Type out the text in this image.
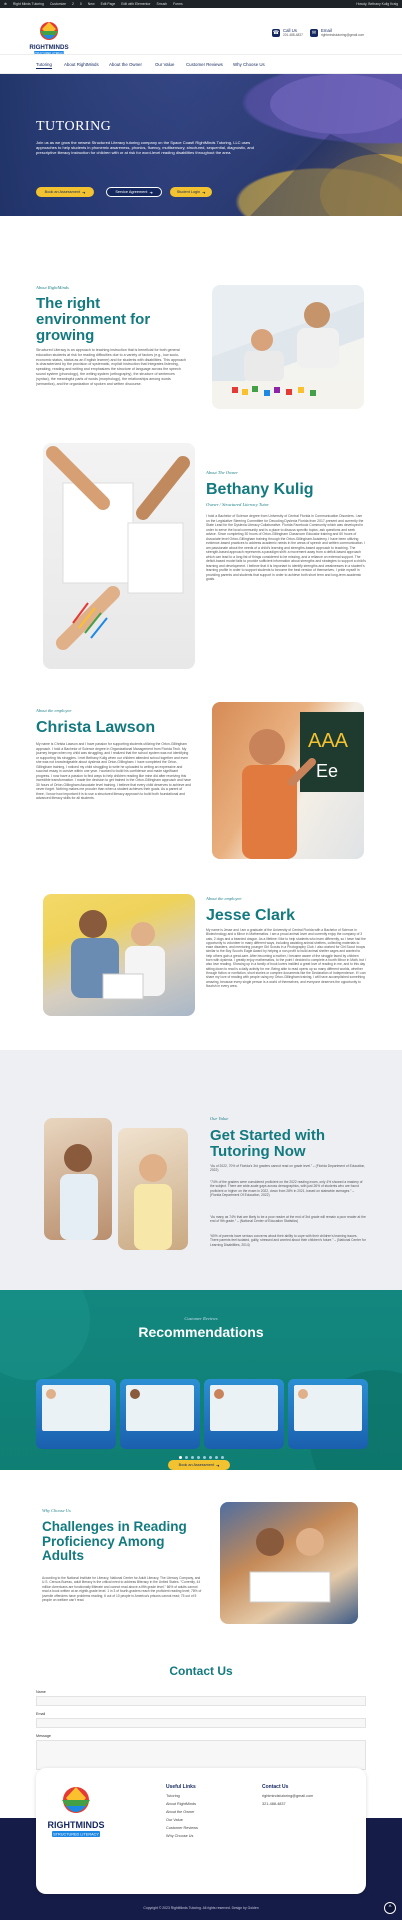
⊕ Right Minds Tutoring Customize 2 0 New Edit Page Edit with Elementor Smush Forms	Howdy, Bethany Kulig Kraig
RIGHTMINDS
☎ Call Us
201-488-4837	✉	Email
rightmindstutoring@gmail.com
Tutoring	About RightMinds About the Owner	Our Value	Customer Reviews Why Choose Us
TUTORING
Join us as we grow the newest Structured Literacy tutoring company on the Space Coast! RightMinds Tutoring, LLC uses approaches to help students in phonemic awareness, phonics, fluency, multisensory, structured, sequential, diagnostic, and prescriptive literacy instruction for children with or at risk for word-level reading disabilities throughout the area.
Book an Assessment ➜	Service Agreement ➜	Student Login ➜
About RightMinds
The right environment for growing
Structured Literacy is an approach to teaching instruction that is beneficial for both general education students at risk for reading difficulties due to a variety of factors (e.g., low socio-economic status, status as an English learner) and for students with disabilities. This approach is characterized by the provision of systematic, explicit instruction that integrates listening, speaking, reading and writing and emphasizes the structure of language across the speech sound system (phonology), the writing system (orthography), the structure of sentences (syntax), the meaningful parts of words (morphology), the relationships among words (semantics), and the organization of spoken and written discourse.
About The Owner
Bethany Kulig
Owner / Structured Literacy Tutor
I hold a Bachelor of Science degree from University of Central Florida in Communication Disorders. I am on the Legislative Steering Committee for Decoding Dyslexia Florida from 2017-present and currently the State Lead for the Dyslexia Literacy Collaborative. Florida Facebook Community which was developed in order to serve the local community and is a place to discuss specific topics, ask questions and seek advice. Since completing 30 hours of Orton-Gillingham Classroom Educator training and 60 hours of Associate level Orton-Gillingham training through the Orton-Gillingham Academy, I have been utilizing evidence-based practices to address academic needs in the areas of speech and written communication. I am passionate about the needs of a child’s learning and strengths-based approach to teaching. The strength-based approach represents a paradigm shift: a movement away from a deficit-based approach which can lead to a long list of things considered to be missing, and a reliance on external support. The deficit-based model fails to provide sufficient information about strengths and strategies to support a child’s learning and development. I believe that it is important to identify strengths and weaknesses in a student’s learning profile in order to support students to become the best version of themselves. I pride myself in providing parents and students that support in order to achieve both short term and long-term academic goals.
About the employee
Christa Lawson
My name is Christa Lawson and I have passion for supporting students utilizing the Orton-Gillingham approach. I hold a Bachelor of Science degree in Organizational Management from Florida Tech. My journey began when my child was struggling, and I realized that the school system was not identifying or supporting his struggles. I met Bethany Kulig when our children attended school together and even she was not knowledgeable about dyslexia and Orton-Gillingham. I have completed the Orton-Gillingham training, I noticed my child struggling to write he uploaded to writing an expressive and succinct essay in cursive within one year. I worked to build his confidence and made significant progress. I now have a passion to find ways to help children reading like mine did after receiving this incredible transformation. I made the decision to get trained in the Orton-Gillingham approach and have 30 hours of Orton-Gillingham Associate level training. I believe that every child deserves to achieve and never forget. Nothing makes me prouder than when a student achieves their goals. As a parent of three, I know how important it is to use a structured literacy approach to build both foundational and advanced literacy skills for all students.
AAA
Ee
About the employee
Jesse Clark
My name is Jesse and I am a graduate of the University of Central Florida with a Bachelor of Science in Biotechnology and a Minor in Mathematics. I am a proud animal lover and currently enjoy the company of 3 cats, 2 dogs and a bearded dragon. As a lifetime I like to help students who learn differently, so I have had the opportunity to volunteer in many different ways, including assisting animal shelters, collecting materials to ease disasters, and mentoring younger Girl Scouts in a Photography Club. I also worked for Girl Scout troops similar to the Boy Scout’s Eagle Award by helping a non-profit to build animal shelter cages and wanted to help others gain a great-care. After becoming a mother, I became aware of the struggle faced by children born with dyslexia. I greatly enjoy mathematics, to the point I decided to complete a fourth Minor in Math, but I also love reading. Showing up in a family of book lovers instilled a great love of reading in me, and to this day sitting down to read is a daily activity for me. Being able to read opens up so many different worlds, whether through fiction or nonfiction, short stories or complex documents like the Declaration of Independence. If I can share my love of reading with people using my Orton-Gillingham training, I will have accomplished something amazing, because every single person is a world of themselves, and everyone deserves the opportunity to flourish in every area.
Our Value
Get Started with Tutoring Now
“As of 2022, 70% of Florida’s 3rd graders cannot read on grade level.” – (Florida Department of Education, 2022)
“74% of the graders were considered proficient on the 2022 reading exam, only 4% showed a mastery of the subject. There are wide-scale gaps across demographics, with just 26% of students who are found proficient or higher on the exam in 2022, down from 28% in 2021, based on statewide averages.” – (Florida Department Of Education, 2022)
“As many as 74% that are likely to be a poor reader at the end of 3rd grade will remain a poor reader at the end of 9th grade.” – (National Center of Education Statistics)
“60% of parents have serious concerns about their ability to cope with their children’s learning issues. There parents feel isolated, guilty, stressed and worried about their children’s future.” – (National Center for Learning Disabilities, 2014)
Customer Reviews
Recommendations
Book an Assessment ➜
Why Choose Us
Challenges in Reading Proficiency Among Adults
According to the National Institute for Literacy, National Center for Adult Literacy, The Literacy Company, and U.S. Census Bureau, adult literacy is the critical need to address illiteracy in the United States. "Currently, 44 million Americans are functionally illiterate and cannot read above a fifth grade level." 66% of adults cannot read a book written at an eighth-grade level. 1 in 3 of fourth-graders reach the proficient reading level; 78% of juvenile offenders have problems reading; 6 out of 10 people in America’s prisons cannot read; 75 out of 5 people on welfare can’t read.
Contact Us
Name
Email
Message
RIGHTMINDS
STRUCTURED LITERACY
Useful Links
Tutoring
About RightMinds
About the Owner
Our Value
Customer Reviews
Why Choose Us
Contact Us
rightmindstutoring@gmail.com
321-488-4837
Copyright © 2023 RightMinds Tutoring. All rights reserved. Design by Golden	^
